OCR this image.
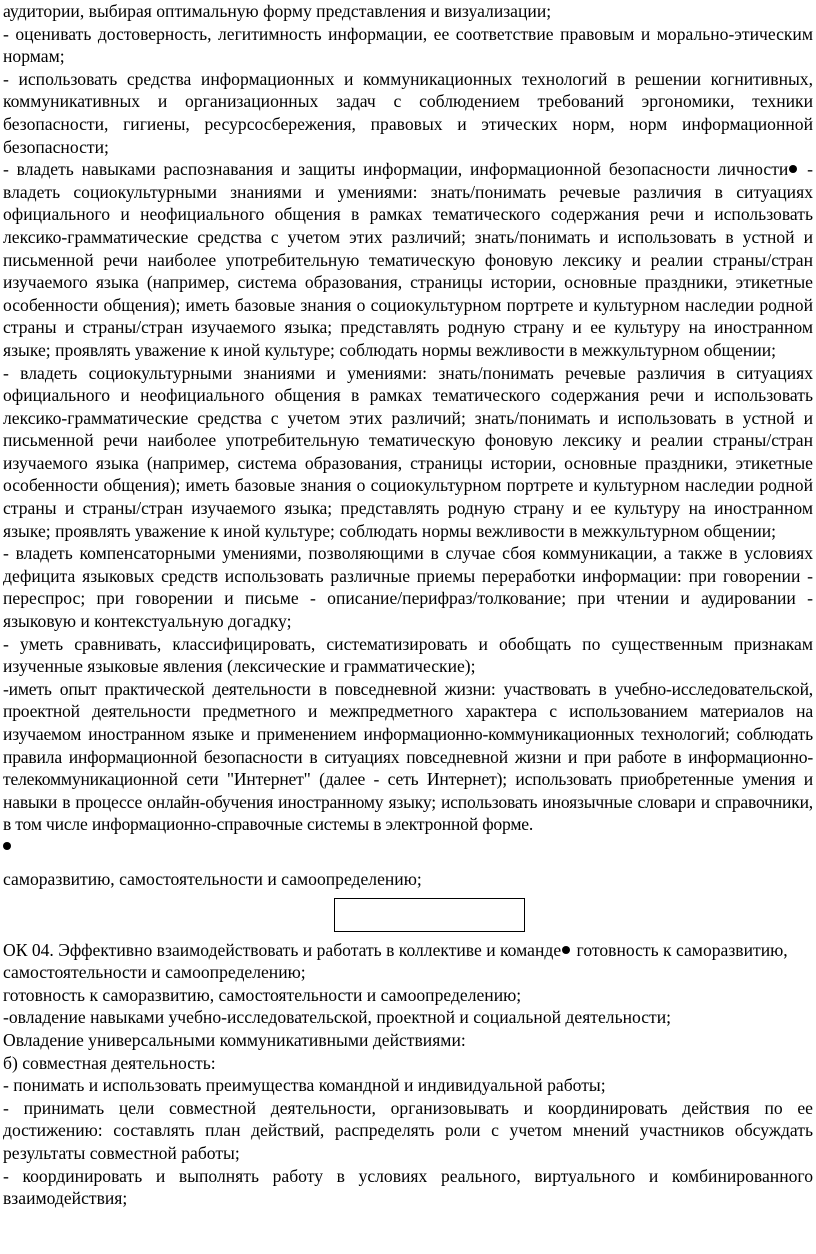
аудитории, выбирая оптимальную форму представления и визуализации;

- оценивать достоверность, легитимность информации, ее соответствие правовым и морально-этическим нормам;

- использовать средства информационных и коммуникационных технологий в решении когнитивных, коммуникативных и организационных задач с соблюдением требований эргономики, техники безопасности, гигиены, ресурсосбережения, правовых и этических норм, норм информационной безопасности;

- владеть навыками распознавания и защиты информации, информационной безопасности личности - владеть социокультурными знаниями и умениями: знать/понимать речевые различия в ситуациях официального и неофициального общения в рамках тематического содержания речи и использовать лексико-грамматические средства с учетом этих различий; знать/понимать и использовать в устной и письменной речи наиболее употребительную тематическую фоновую лексику и реалии страны/стран изучаемого языка (например, система образования, страницы истории, основные праздники, этикетные особенности общения); иметь базовые знания о социокультурном портрете и культурном наследии родной страны и страны/стран изучаемого языка; представлять родную страну и ее культуру на иностранном языке; проявлять уважение к иной культуре; соблюдать нормы вежливости в межкультурном общении;

- владеть социокультурными знаниями и умениями: знать/понимать речевые различия в ситуациях официального и неофициального общения в рамках тематического содержания речи и использовать лексико-грамматические средства с учетом этих различий; знать/понимать и использовать в устной и письменной речи наиболее употребительную тематическую фоновую лексику и реалии страны/стран изучаемого языка (например, система образования, страницы истории, основные праздники, этикетные особенности общения); иметь базовые знания о социокультурном портрете и культурном наследии родной страны и страны/стран изучаемого языка; представлять родную страну и ее культуру на иностранном языке; проявлять уважение к иной культуре; соблюдать нормы вежливости в межкультурном общении;

- владеть компенсаторными умениями, позволяющими в случае сбоя коммуникации, а также в условиях дефицита языковых средств использовать различные приемы переработки информации: при говорении - переспрос; при говорении и письме - описание/перифраз/толкование; при чтении и аудировании - языковую и контекстуальную догадку;

- уметь сравнивать, классифицировать, систематизировать и обобщать по существенным признакам изученные языковые явления (лексические и грамматические);

-иметь опыт практической деятельности в повседневной жизни: участвовать в учебно-исследовательской, проектной деятельности предметного и межпредметного характера с использованием материалов на изучаемом иностранном языке и применением информационно-коммуникационных технологий; соблюдать правила информационной безопасности в ситуациях повседневной жизни и при работе в информационно-телекоммуникационной сети "Интернет" (далее - сеть Интернет); использовать приобретенные умения и навыки в процессе онлайн-обучения иностранному языку; использовать иноязычные словари и справочники, в том числе информационно-справочные системы в электронной форме.

саморазвитию, самостоятельности и самоопределению;

ОК 04. Эффективно взаимодействовать и работать в коллективе и команде готовность к саморазвитию, самостоятельности и самоопределению;

готовность к саморазвитию, самостоятельности и самоопределению;

-овладение навыками учебно-исследовательской, проектной и социальной деятельности;

Овладение универсальными коммуникативными действиями:

б) совместная деятельность:

- понимать и использовать преимущества командной и индивидуальной работы;

- принимать цели совместной деятельности, организовывать и координировать действия по ее достижению: составлять план действий, распределять роли с учетом мнений участников обсуждать результаты совместной работы;

- координировать и выполнять работу в условиях реального, виртуального и комбинированного взаимодействия;
